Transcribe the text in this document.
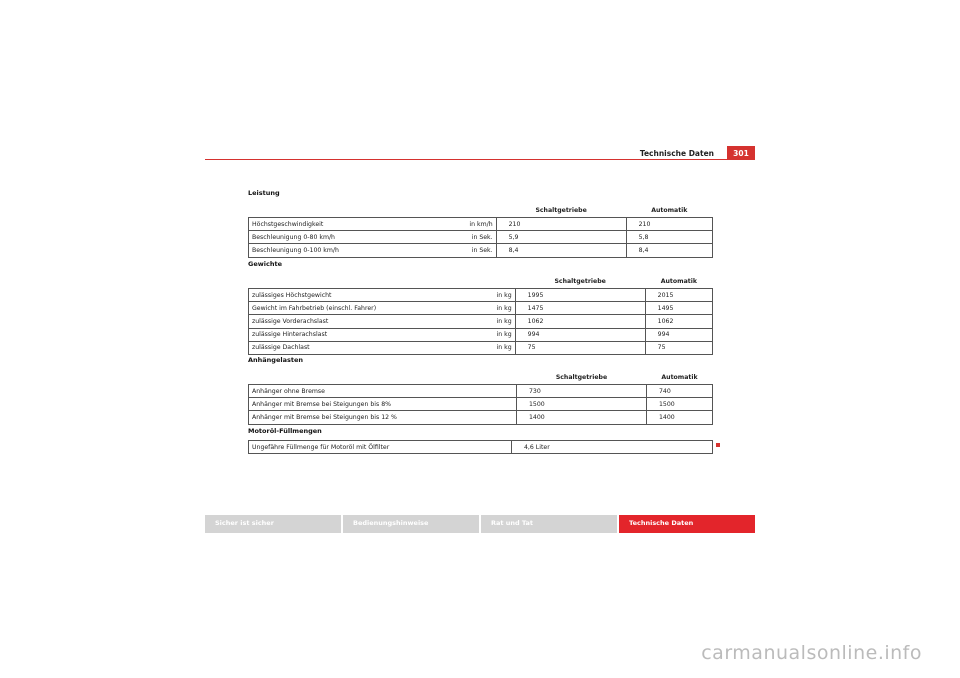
Technische Daten	301
Leistung
		Schaltgetriebe	Automatik
Höchstgeschwindigkeit	in km/h	210	210
Beschleunigung 0-80 km/h	in Sek.	5,9	5,8
Beschleunigung 0-100 km/h	in Sek.	8,4	8,4
Gewichte
		Schaltgetriebe	Automatik
zulässiges Höchstgewicht	in kg	1995	2015
Gewicht im Fahrbetrieb (einschl. Fahrer)	in kg	1475	1495
zulässige Vorderachslast	in kg	1062	1062
zulässige Hinterachslast	in kg	994	994
zulässige Dachlast	in kg	75	75
Anhängelasten
	Schaltgetriebe	Automatik
Anhänger ohne Bremse	730	740
Anhänger mit Bremse bei Steigungen bis 8%	1500	1500
Anhänger mit Bremse bei Steigungen bis 12 %	1400	1400
Motoröl-Füllmengen
Ungefähre Füllmenge für Motoröl mit Ölfilter	4,6 Liter
Sicher ist sicher	Bedienungshinweise	Rat und Tat	Technische Daten
carmanualsonline.info
